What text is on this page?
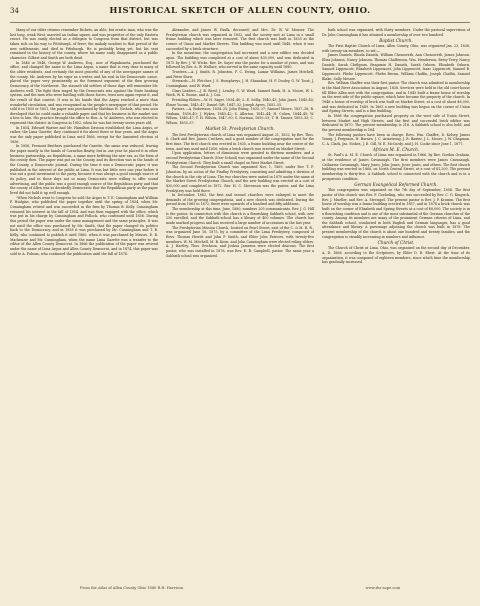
34	HISTORICAL SKETCH OF ALLEN COUNTY, OHIO.

Many of our older citizens remember Rickets, an able, but erratic man, who was the last long, weak West, married an Indian squaw, and was proprietor of the only Eastern resort. He was easily elected as a delegate to Congress from that district, but was taken sick on his way to Pittsburgh, of fever, the malady incident to that period of the new settlements, and died in Pittsburgh. He is probably living yet, but his seat remained in the history of the county, where his name early disappeared as a public character. Gilbert and Smith are both dead.

In 1846 or 1848, George W. Andrews, Esq., now of Wapakoneta, purchased the office, and changed the name to the Lima Argus, a name that is very dear to many of the older residents, and certainly the most graceful of any of the newspaper names of the county. Mr. Andrews by his vigor as a writer, and his zeal in the Democratic cause, placed the paper very prominently as the foremost exponent of the then growing Democracy of the Northwest. The staunch old settlers of those days will remember Mr. Andrews well. The fight then waged by the Democrats was against the State banking system, and the men who were battling with those forces, trust now again repeat it, and the result of that contest. It was in his hands that the Argus reached a more than wonderful circulation, and was recognized as the people's newspaper of that period. He sold it in 1850 or 1851, the paper was purchased by Matthias H. Nichols, who was soon developed that he could make a valuable paper and that his business in the market was a loss to him. His practice brought the office to Hon. A. W. Andrews, who was elected to represent this district in Congress in 1852, when he was but twenty-seven years old.

In 1854, Edward Warner and Mr. Hamilton Davison established the Lima Argus, or rather, the Lima Gazette; they continued it for about three or four years, and the Argus was the only paper published in Lima until 1866, except for the lamented election of 1856.

In 1856, Fremont Brothers purchased the Gazette, the name was reduced, leaving the paper mostly in the hands of Cornelius Beatty, but in one year he placed it in other business partnership, an Republican, a name more befitting the new era, as the form of the county then. The paper was put on the County, and its direction was in the hands of the County, a Democratic journal. During the time it was a Democratic paper, it was published in the interest of the public at Lima. It was but little over one year before it was not a good investment to the party, because it was always a good enough source of its policy, and in those days not so many Democrats were willing to offer sound advertising, and the public was a good enough source of the Republican party and that the county of Allen was so decidedly Democratic that the Republican party as the paper lived did not hold it up well enough.

"When Nichols went to Congress he sold the Argus to T. E. Cunningham and William P. Hudgins, who published the paper together until the spring of 1854, when Mr. Cunningham retired and was succeeded in the firm by Thomas B. Kelly. Cunningham resumed his interest in the fall of 1854, and was then engaged with the office, which was put in his charge by Cunningham and Pollock, who continued until 1856. During this period the paper was under the same management and the same principles. It was not until the office was purchased by Mr. Smith, that the paper changed its politics back to the Democracy, and in 1858 it was purchased by Mr. Cunningham and T. B. Kelly, who continued to publish it until 1860, when it was purchased by Messrs. E. B. Mackenzie and Mr. Cunningham, when the name Lima Gazette was a transfer to the editor of the Allen County Democrat. In 1866 the publication of the paper was revived under the name of Lima Argus and Allen County Democrat, and in 1874, this paper was sold to A. Folsom, who continued the publication until the fall of 1874.

Alexander, and James W. Faulk, deceased; and Mrs. Dr. W. W. Mouser. The Presbyterian church was organized in 1832, and the society met at Lima in a small frame building which was later removed. The first church was built in 1835 at the corner of Union and Market Streets. This building was used until 1848, when it was succeeded by a brick structure.

In the meantime, the congregation had increased and a new edifice was decided upon. The building was completed at a cost of about $35,000, and was dedicated in 1875 by Rev. J. W. Wicks. Rev. Dr. Sayre was the pastor for a number of years, and was followed by Rev. A. W. Wallace, who served in the same capacity until 1880.

Trustees.—A. J. Smith, R. Johnston, F. C. Ewing, Lamar Williams, James Mitchell, and Peter Shaw.

Stewards.—H. Fletcher, J. S. Humphreys, J. H. Shanahan, H. F. Dooley, G. W. Tosst, J. Cunningham, and W. Ward.

Class Leaders.—J. B. Reed, J. Lemley, G. W. Ward, Samuel Rank, H. A. Moore, W. L. Work, W. K. Boone, and A. J. Cox.

Presiding Elders.—W. H. Sager, 1834–40; L. E. Selby, 1840–43; John Janes, 1843–45; Elmer Yocum, 1845–47; Daniel Gift, 1847–52; Joseph Ayres, 1852–55.

Pastors.—A. Robertson, 1834–35; John Ewing, 1835–37; Samuel Moore, 1837–38; R. Graham, 1838–40; J. Wykes, 1840–42; S. Allerton, 1842–44; H. Cohen, 1844–45; W. Wilson, 1845–47; T. H. Wilson, 1847–50; S. Norman, 1850–53; T. H. Tanner, 1853–55; C. Wilson, 1855–57.

Market St. Presbyterian Church.

The first Presbyterian church of Lima was organized August 21, 1832, by Rev. Thos. S. Clark and Rev. James Crothers, and a good number of the congregation met for the first time. The first church was erected in 1835, a frame building near the center of the town, and was used until 1856, when a brick church was erected on Market Street.

Upon application, letters of dismission were granted to thirteen members, and a second Presbyterian Church (New School) was organized under the name of the Second Presbyterian Church. They built a small chapel on West Market Street.

The Second Presbyterian Church was organized Nov. 1, 1869, under Rev. T. F. Johnston, by an action of the Findlay Presbytery, consisting and admitting a division of the church in the city of Lima. The two churches were united in 1870 under the name of the Market Street Presbyterian Church, and the new building was erected at a cost of $30,000 and completed in 1872. Rev. H. C. Stevenson was the pastor, and the Lima Presbytery was held there.

In December, 1862, the first and second churches were enlarged to meet the demands of the growing congregations, and a new church was dedicated. During the period from 1865 to 1872, there were upwards of a hundred and fifty additions.

The membership at this time, June, 1880, numbers 205 communicants. Rev. J. G. Hill is the pastor. In connection with this church is a flourishing Sabbath school, with over 250 enrolled, and the Sabbath-school has a library of 400 volumes. The church has made marked progress and has received a large number of accessions in the last year.

The Presbyterian Mission Church, located on Pearl Street, east of the C. & M. R. R., was organized June 16, 1875, by a committee of the Lima Presbytery, composed of Revs. Thomas Hewitt and John P. Smith, and Elder John Patrices, with twenty-five members. W. M. Mitchell, M. B. Keen, and John Cunningham were elected ruling elders. A. J. Hartley, Thos. Erickson, and Joshua Jameson were elected deacons. The first pastor, who was installed in 1876, was Rev. E. B. Campbell, pastor. The same year a Sabbath school was organized.

bath school was organized, with thirty members. Under the pastoral supervision of Dr. John Cunningham it has attained a membership of over two hundred.

Baptist Church.

The First Baptist Church of Lima, Allen County, Ohio, was organized Jan. 23, 1838, with twenty-six members, to wit:—

James Daniels, Rhoda Daniels, William Chenoweth, Ann Chenoweth, James Johnson, Eliza Johnson, Nancy Johnson, Thomas Chalfenson, Wm. Henderson, Betsy Terry, Nancy Daniels, Sarah Chitlipum, Benjamin H. Daniels, Sarah Osborn, Elizabeth Osborn, Samuel Lippencott, Elizabeth Lippencott, John Lippencott, Isaac Lippencott, Samuel B. Lippencott, Phebe Lippencott, Phebe Brown, William Chalfin, Joseph Chalfin, Samuel Blake, Sally Messer.

Rev. William Chaffee was their first pastor. The church was admitted to membership in the Mad River Association in August, 1838. Services were held in the old court-house till Elder Allen met with the congregation, and in 1843 built a frame house of worship on the west side of the public square, which later became the property of the church. In 1848 a house of worship of brick was built on Market Street, at a cost of about $6,000, and was dedicated in 1849. In 1865 a new building was begun on the corner of Union and Spring Streets, and is a fine building.

In 1868 the congregation purchased property on the west side of Union Street, between Market and High Streets, and the first and successful brick edifice was dedicated in 1870. The present membership is 216. A Sabbath school is also held, and the present membership is 164.

The following pastors have been in charge: Revs. Wm. Chaffee, D. Kelsey, James Young, J. Ferguson, H. Barnes, J. C. Armstrong, J. R. Baxter, J. L. Moore, J. W. Chapman, C. A. Clark, Jas. Stokes, J. E. Gill, W. E. McCurdy, and J. H. Cooke since June 1, 1877.

African M. E. Church.

St. Paul's A. M. E. Church of Lima was organized in 1866, by Rev. Gordon Graham, at the residence of James Cavanaugh. The first members were James Cavanaugh, Catharine Cavanaugh, Mary Jones, John Jones, Jesse Jones, and others. The first church building was erected in 1868, on North Central Street, at a cost of $1,200. The present membership is thirty-five. A Sabbath school is connected with the church and is in a prosperous condition.

German Evangelical Reformed Church.

This congregation was organized on the 7th day of September, 1854. The first pastor of this church was Rev. F. Goebeling, who was succeeded by Rev. C. G. Kingrick, Rev. J. Mueller, and Rev. A. Strempel. The present pastor is Rev. J. P. Krumm. The first house of worship was a frame building erected in 1857, and in 1874 a brick church was built on the corner of Elizabeth and Spring Streets at a cost of $8,000. The society is in a flourishing condition and is one of the most substantial of the German churches of the county. Among its members are many of the prominent German citizens of Lima, and the Sabbath school, conducted in both English and German languages, has a good attendance and library. A parsonage adjoining the church was built in 1878. The present membership of the church is about one hundred and twenty families, and the congregation is steadily increasing in numbers and influence.

Church of Christ.

The Church of Christ at Lima, Ohio, was organized on the second day of December, A. D. 1866, according to the Scriptures, by Elder D. R. Ebert. At the time of its organization, it was composed of eighteen members, since which time the membership has gradually increased.

From the Atlas of Allen County Ohio 1880 R.H. Harrison	www.rhs-aope.com
